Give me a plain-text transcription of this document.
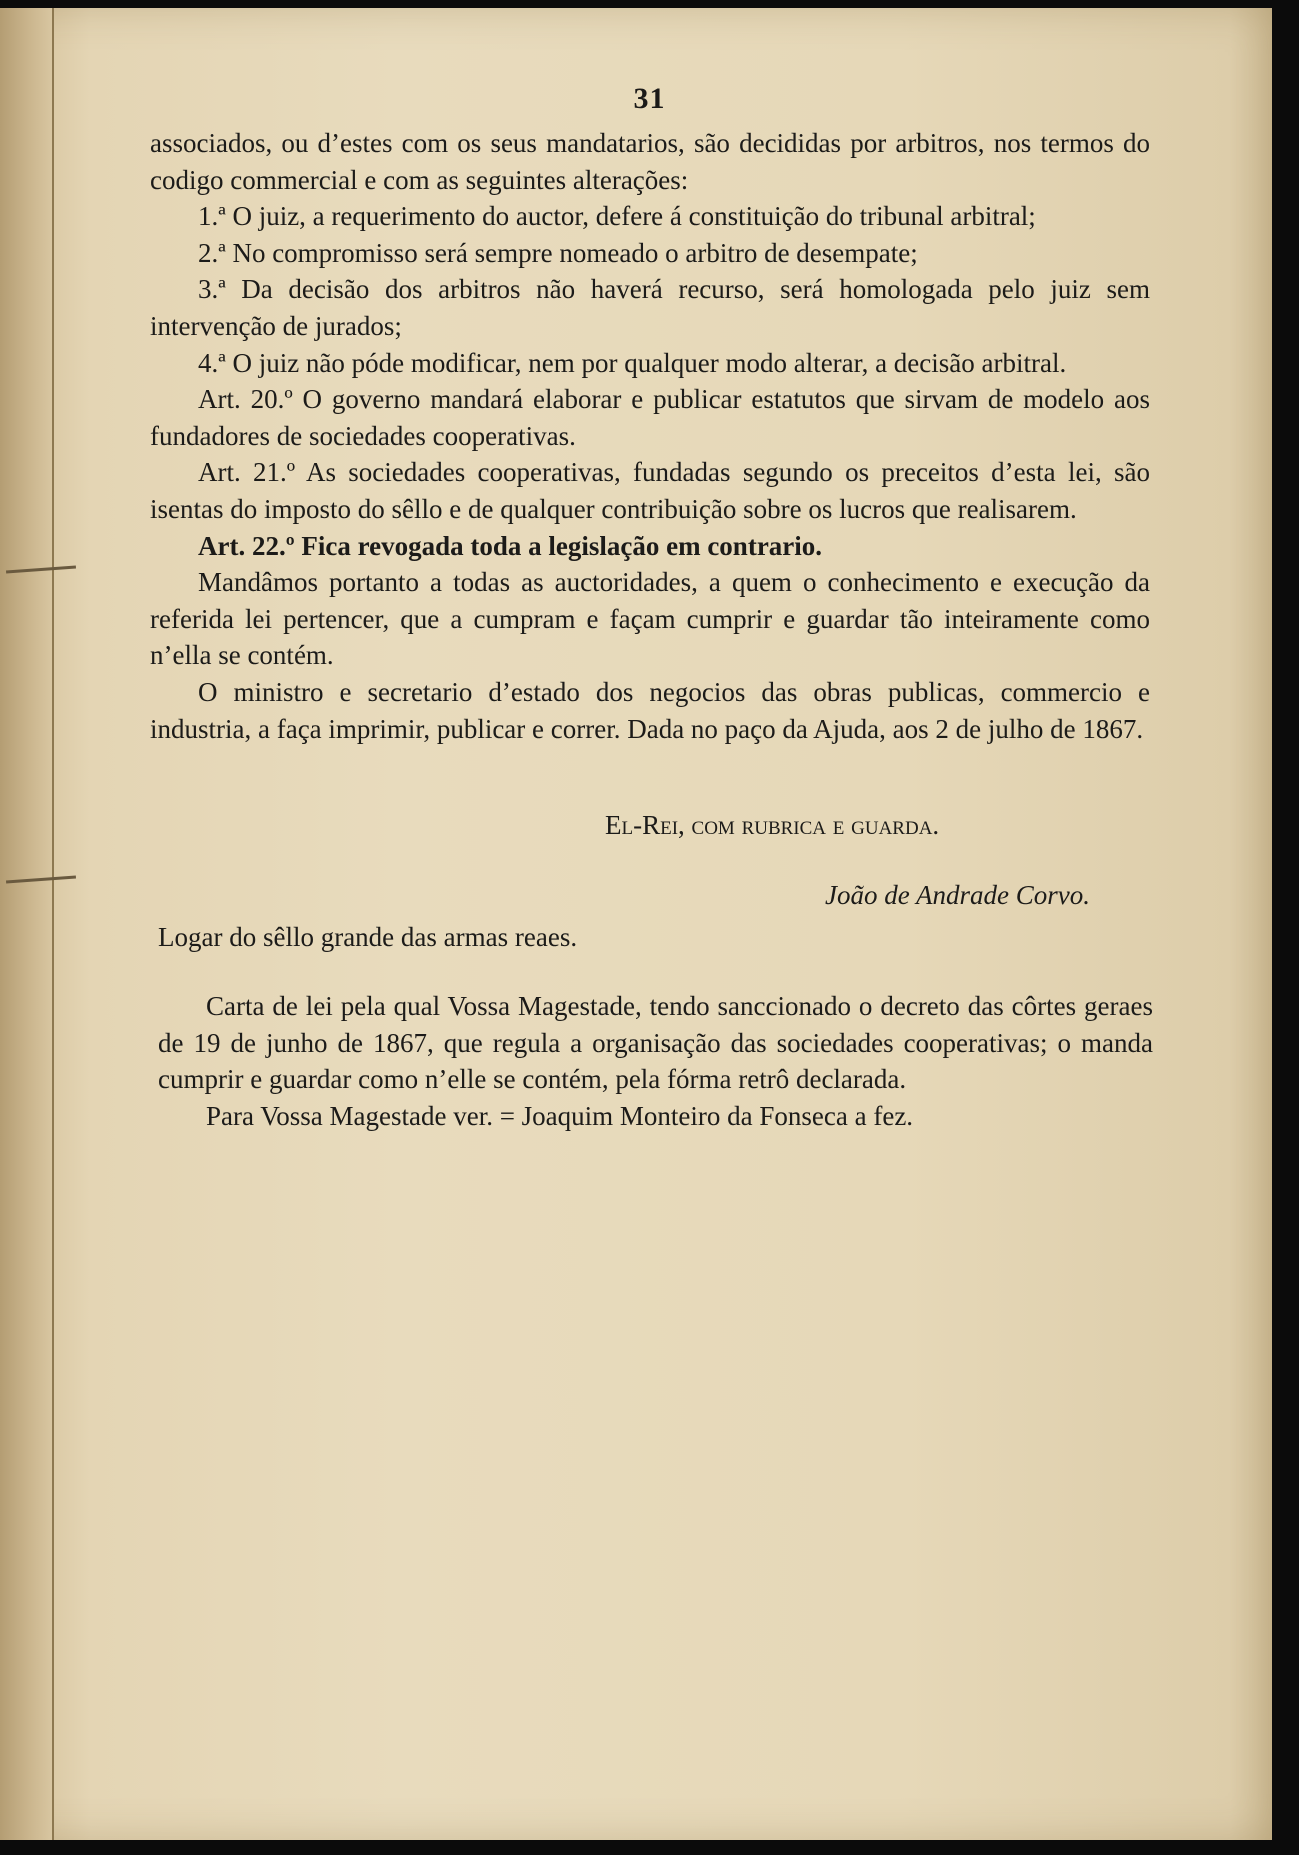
31

associados, ou d’estes com os seus mandatarios, são decididas por arbitros, nos termos do codigo commercial e com as seguintes alterações:

1.ª O juiz, a requerimento do auctor, defere á constituição do tribunal arbitral;

2.ª No compromisso será sempre nomeado o arbitro de desempate;

3.ª Da decisão dos arbitros não haverá recurso, será homologada pelo juiz sem intervenção de jurados;

4.ª O juiz não póde modificar, nem por qualquer modo alterar, a decisão arbitral.

Art. 20.º O governo mandará elaborar e publicar estatutos que sirvam de modelo aos fundadores de sociedades cooperativas.

Art. 21.º As sociedades cooperativas, fundadas segundo os preceitos d’esta lei, são isentas do imposto do sêllo e de qualquer contribuição sobre os lucros que realisarem.

Art. 22.º Fica revogada toda a legislação em contrario.

Mandâmos portanto a todas as auctoridades, a quem o conhecimento e execução da referida lei pertencer, que a cumpram e façam cumprir e guardar tão inteiramente como n’ella se contém.

O ministro e secretario d’estado dos negocios das obras publicas, commercio e industria, a faça imprimir, publicar e correr. Dada no paço da Ajuda, aos 2 de julho de 1867.

El-Rei, com rubrica e guarda.
João de Andrade Corvo.
Logar do sêllo grande das armas reaes.

Carta de lei pela qual Vossa Magestade, tendo sanccionado o decreto das côrtes geraes de 19 de junho de 1867, que regula a organisação das sociedades cooperativas; o manda cumprir e guardar como n’elle se contém, pela fórma retrô declarada.

Para Vossa Magestade ver. = Joaquim Monteiro da Fonseca a fez.
